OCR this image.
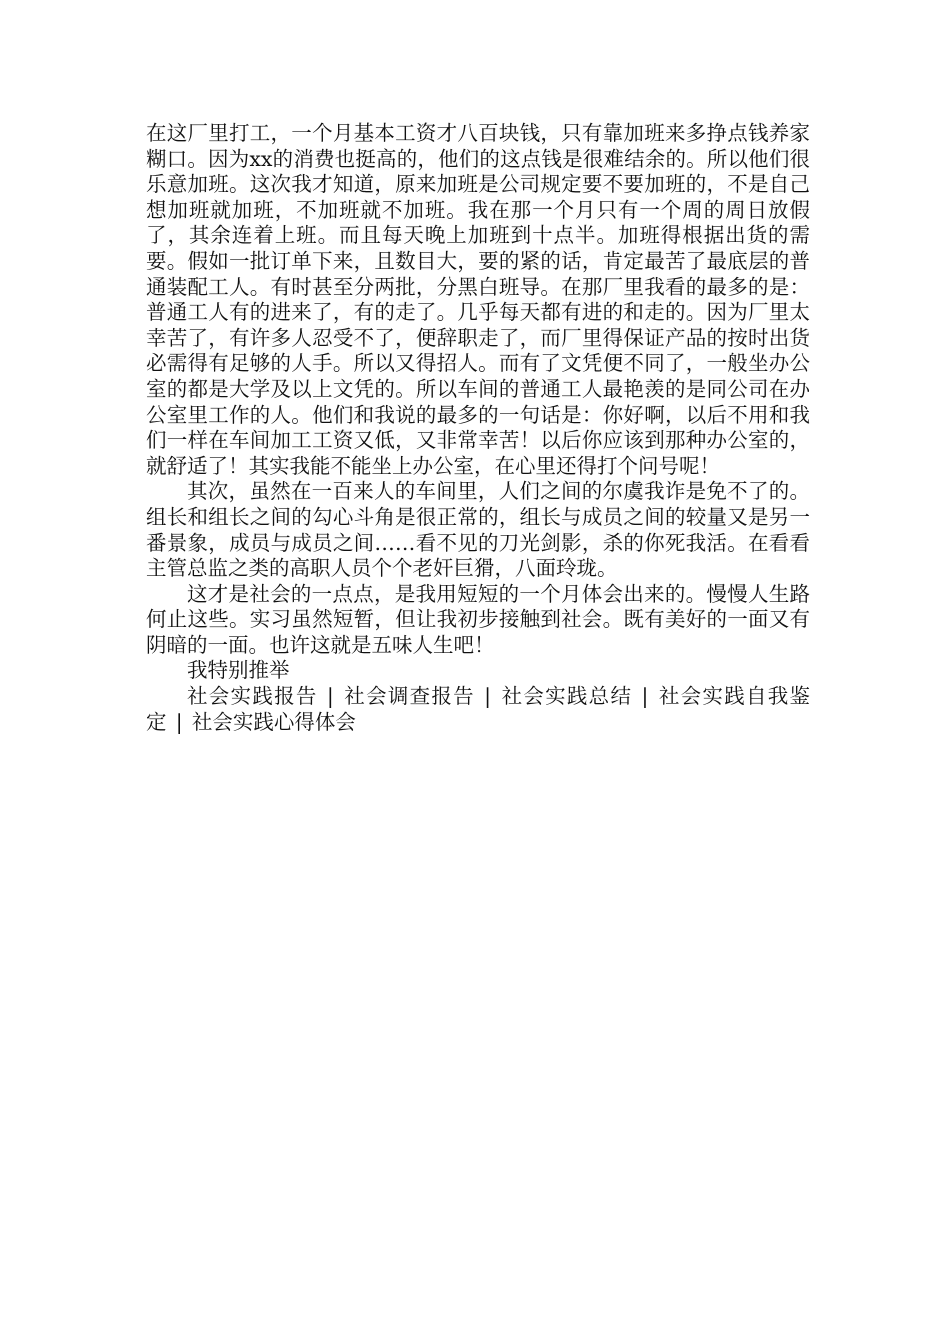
在这厂里打工，一个月基本工资才八百块钱，只有靠加班来多挣点钱养家糊口。因为xx的消费也挺高的，他们的这点钱是很难结余的。所以他们很乐意加班。这次我才知道，原来加班是公司规定要不要加班的，不是自己想加班就加班，不加班就不加班。我在那一个月只有一个周的周日放假了，其余连着上班。而且每天晚上加班到十点半。加班得根据出货的需要。假如一批订单下来，且数目大，要的紧的话，肯定最苦了最底层的普通装配工人。有时甚至分两批，分黑白班导。在那厂里我看的最多的是：普通工人有的进来了，有的走了。几乎每天都有进的和走的。因为厂里太幸苦了，有许多人忍受不了，便辞职走了，而厂里得保证产品的按时出货必需得有足够的人手。所以又得招人。而有了文凭便不同了，一般坐办公室的都是大学及以上文凭的。所以车间的普通工人最艳羡的是同公司在办公室里工作的人。他们和我说的最多的一句话是：你好啊，以后不用和我们一样在车间加工工资又低，又非常幸苦！以后你应该到那种办公室的，就舒适了！其实我能不能坐上办公室，在心里还得打个问号呢！

其次，虽然在一百来人的车间里，人们之间的尔虞我诈是免不了的。组长和组长之间的勾心斗角是很正常的，组长与成员之间的较量又是另一番景象，成员与成员之间……看不见的刀光剑影，杀的你死我活。在看看主管总监之类的高职人员个个老奸巨猾，八面玲珑。

这才是社会的一点点，是我用短短的一个月体会出来的。慢慢人生路何止这些。实习虽然短暂，但让我初步接触到社会。既有美好的一面又有阴暗的一面。也许这就是五味人生吧！

我特别推举

社会实践报告 | 社会调查报告 | 社会实践总结 | 社会实践自我鉴定 | 社会实践心得体会
